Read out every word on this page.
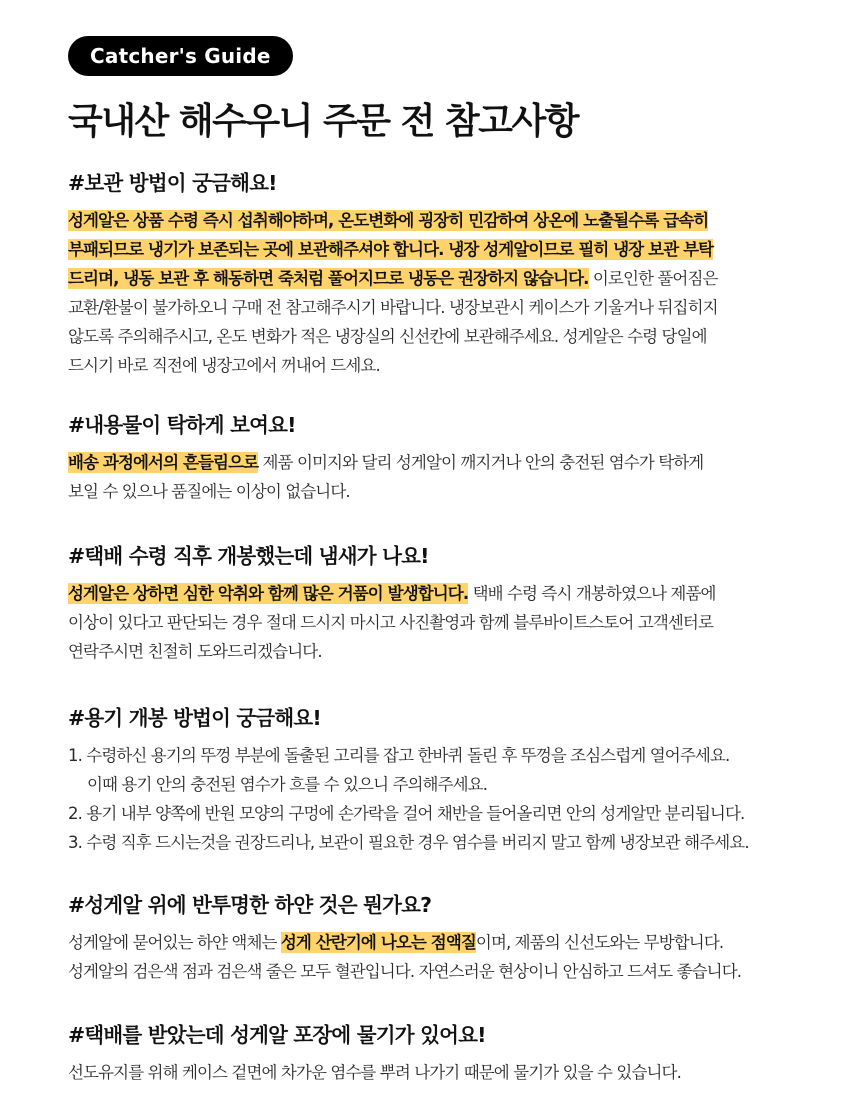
Catcher's Guide
국내산 해수우니 주문 전 참고사항
#보관 방법이 궁금해요!

성게알은 상품 수령 즉시 섭취해야하며, 온도변화에 굉장히 민감하여 상온에 노출될수록 급속히
부패되므로 냉기가 보존되는 곳에 보관해주셔야 합니다. 냉장 성게알이므로 필히 냉장 보관 부탁
드리며, 냉동 보관 후 해동하면 죽처럼 풀어지므로 냉동은 권장하지 않습니다. 이로인한 풀어짐은
교환/환불이 불가하오니 구매 전 참고해주시기 바랍니다. 냉장보관시 케이스가 기울거나 뒤집히지
않도록 주의해주시고, 온도 변화가 적은 냉장실의 신선칸에 보관해주세요. 성게알은 수령 당일에
드시기 바로 직전에 냉장고에서 꺼내어 드세요.

#내용물이 탁하게 보여요!

배송 과정에서의 흔들림으로 제품 이미지와 달리 성게알이 깨지거나 안의 충전된 염수가 탁하게
보일 수 있으나 품질에는 이상이 없습니다.

#택배 수령 직후 개봉했는데 냄새가 나요!

성게알은 상하면 심한 악취와 함께 많은 거품이 발생합니다. 택배 수령 즉시 개봉하였으나 제품에
이상이 있다고 판단되는 경우 절대 드시지 마시고 사진촬영과 함께 블루바이트스토어 고객센터로
연락주시면 친절히 도와드리겠습니다.

#용기 개봉 방법이 궁금해요!

1. 수령하신 용기의 뚜껑 부분에 돌출된 고리를 잡고 한바퀴 돌린 후 뚜껑을 조심스럽게 열어주세요.
이때 용기 안의 충전된 염수가 흐를 수 있으니 주의해주세요.
2. 용기 내부 양쪽에 반원 모양의 구멍에 손가락을 걸어 채반을 들어올리면 안의 성게알만 분리됩니다.
3. 수령 직후 드시는것을 권장드리나, 보관이 필요한 경우 염수를 버리지 말고 함께 냉장보관 해주세요.

#성게알 위에 반투명한 하얀 것은 뭔가요?

성게알에 묻어있는 하얀 액체는 성게 산란기에 나오는 점액질이며, 제품의 신선도와는 무방합니다.
성게알의 검은색 점과 검은색 줄은 모두 혈관입니다. 자연스러운 현상이니 안심하고 드셔도 좋습니다.

#택배를 받았는데 성게알 포장에 물기가 있어요!

선도유지를 위해 케이스 겉면에 차가운 염수를 뿌려 나가기 때문에 물기가 있을 수 있습니다.
